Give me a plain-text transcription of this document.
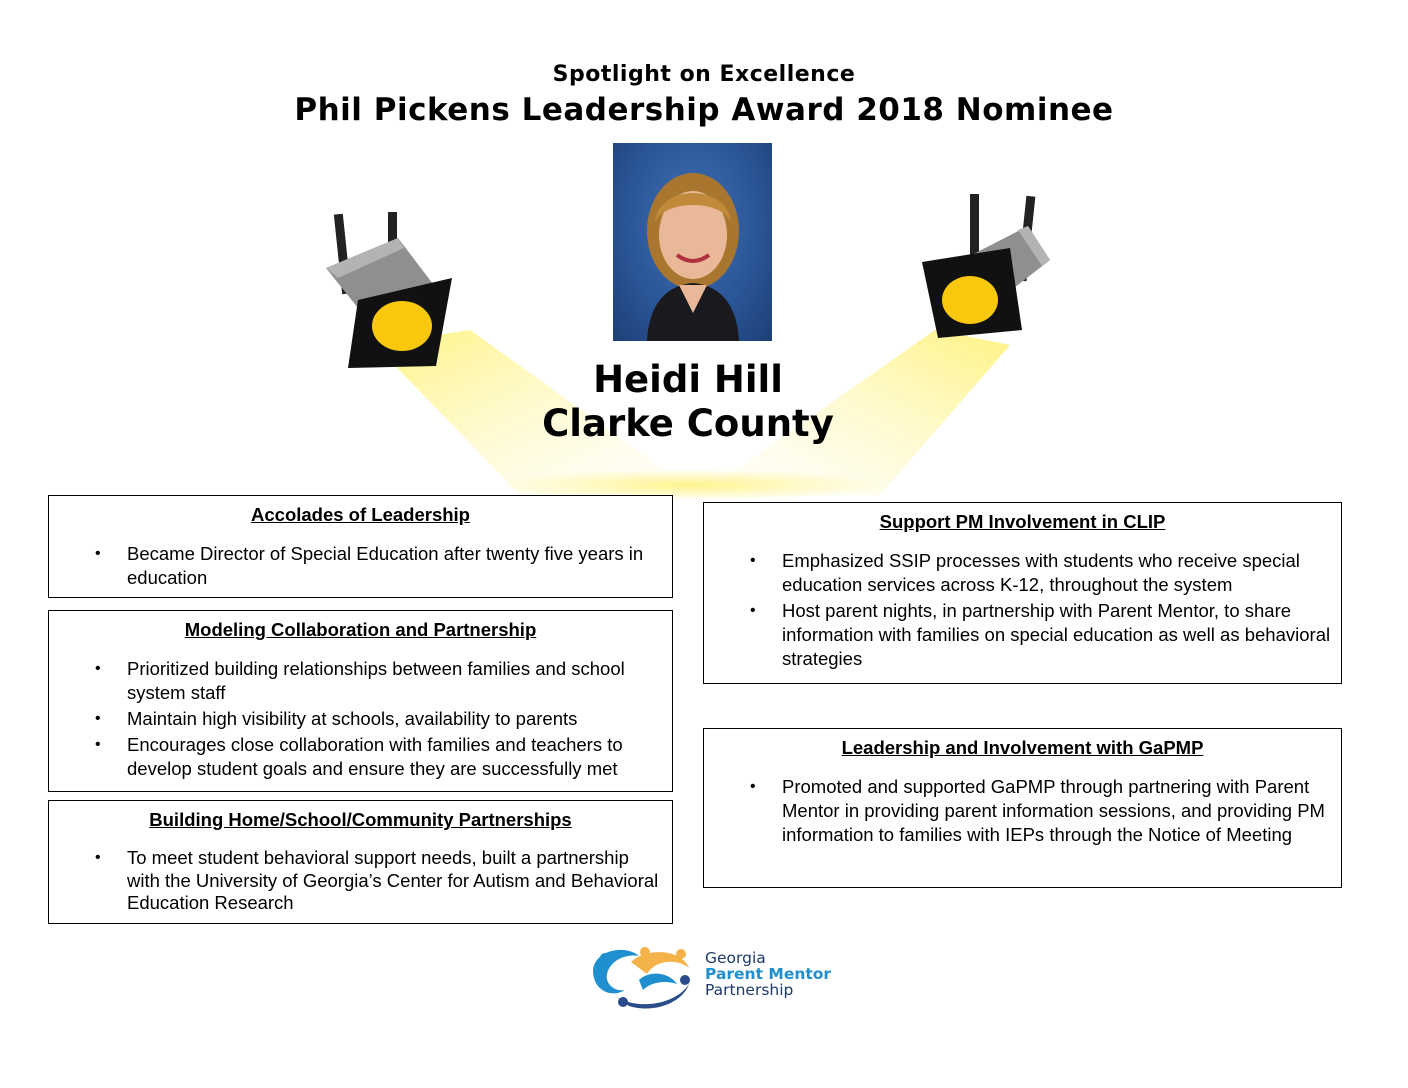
Spotlight on Excellence
Phil Pickens Leadership Award 2018 Nominee
Heidi Hill
Clarke County
Accolades of Leadership
• Became Director of Special Education after twenty five years in education
Modeling Collaboration and Partnership
• Prioritized building relationships between families and school system staff
• Maintain high visibility at schools, availability to parents
• Encourages close collaboration with families and teachers to develop student goals and ensure they are successfully met
Building Home/School/Community Partnerships
• To meet student behavioral support needs, built a partnership with the University of Georgia’s Center for Autism and Behavioral Education Research
Support PM Involvement in CLIP
• Emphasized SSIP processes with students who receive special education services across K-12, throughout the system
• Host parent nights, in partnership with Parent Mentor, to share information with families on special education as well as behavioral strategies
Leadership and Involvement with GaPMP
• Promoted and supported GaPMP through partnering with Parent Mentor in providing parent information sessions, and providing PM information to families with IEPs through the Notice of Meeting
Georgia
Parent Mentor
Partnership
